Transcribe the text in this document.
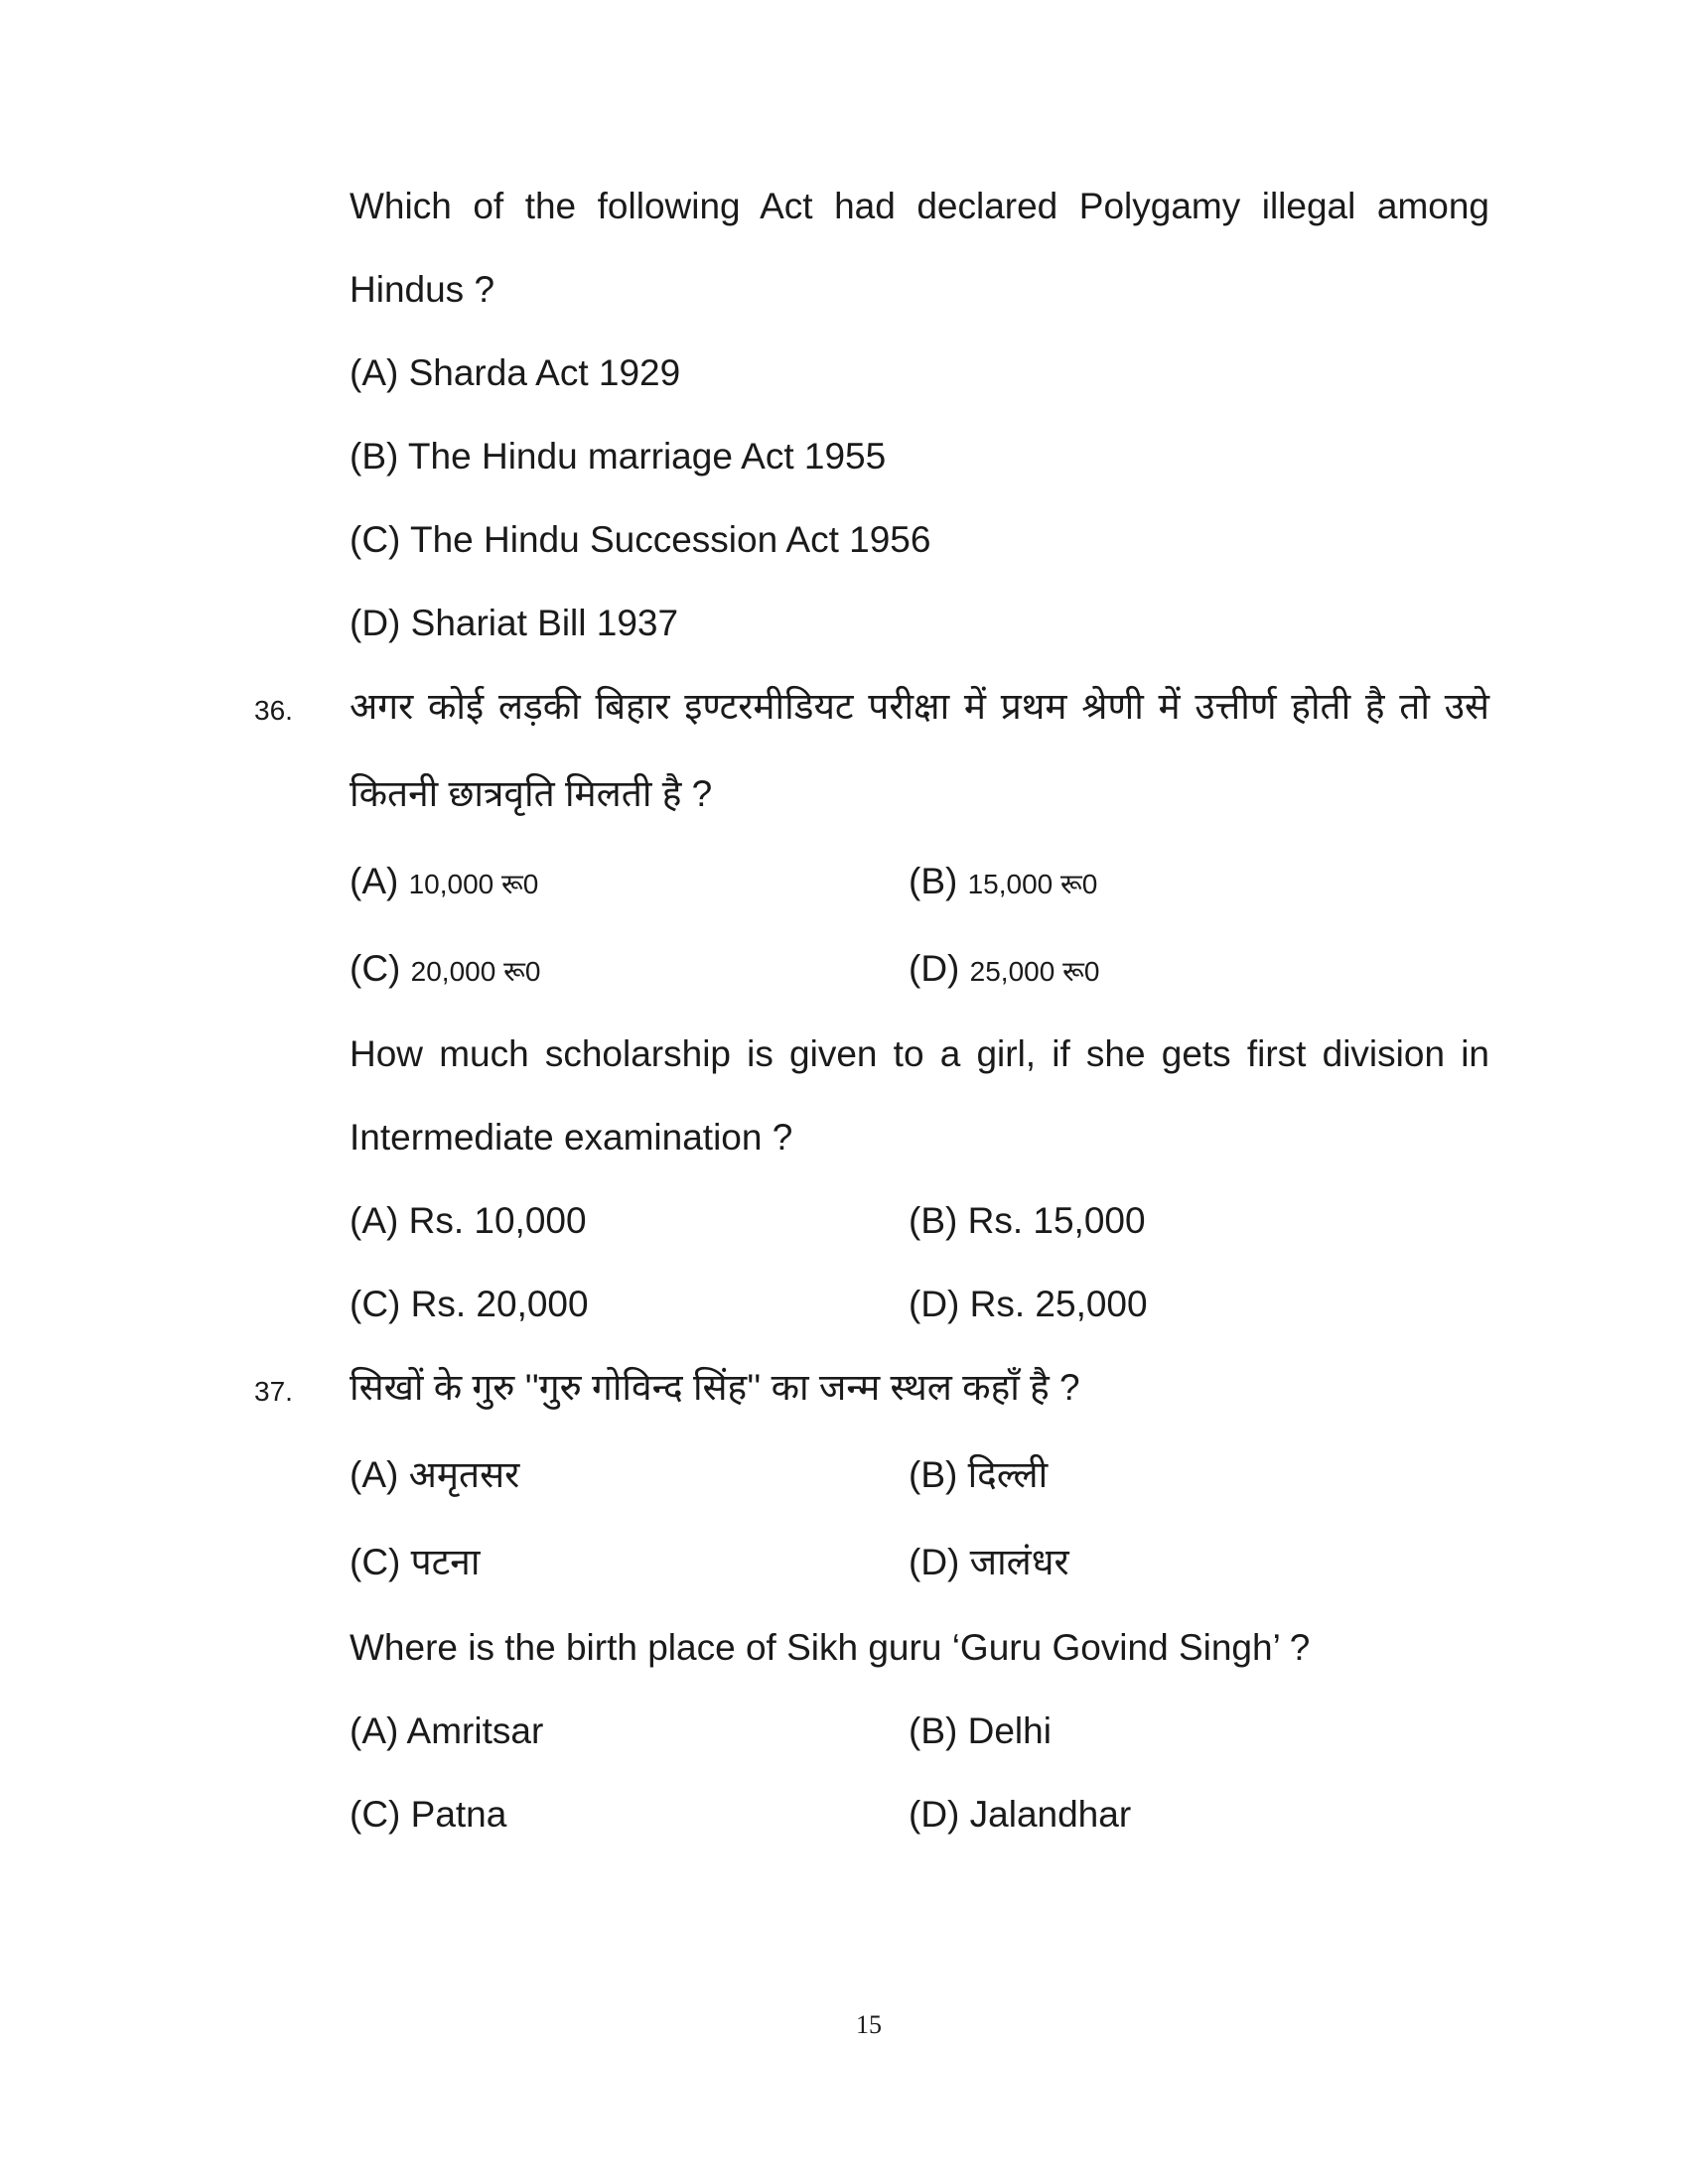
Which of the following Act had declared Polygamy illegal among
Hindus ?
(A) Sharda Act 1929
(B) The Hindu marriage Act 1955
(C) The Hindu Succession Act 1956
(D) Shariat Bill 1937
36. अगर कोई लड़की बिहार इण्टरमीडियट परीक्षा में प्रथम श्रेणी में उत्तीर्ण होती है तो उसे
कितनी छात्रवृति मिलती है ?
(A) 10,000 रू0	(B) 15,000 रू0
(C) 20,000 रू0	(D) 25,000 रू0
How much scholarship is given to a girl, if she gets first division in
Intermediate examination ?
(A) Rs. 10,000	(B) Rs. 15,000
(C) Rs. 20,000	(D) Rs. 25,000
37. सिखों के गुरु ''गुरु गोविन्द सिंह'' का जन्म स्थल कहाँ है ?
(A) अमृतसर	(B) दिल्ली
(C) पटना	(D) जालंधर
Where is the birth place of Sikh guru ‘Guru Govind Singh’ ?
(A) Amritsar	(B) Delhi
(C) Patna	(D) Jalandhar
15
